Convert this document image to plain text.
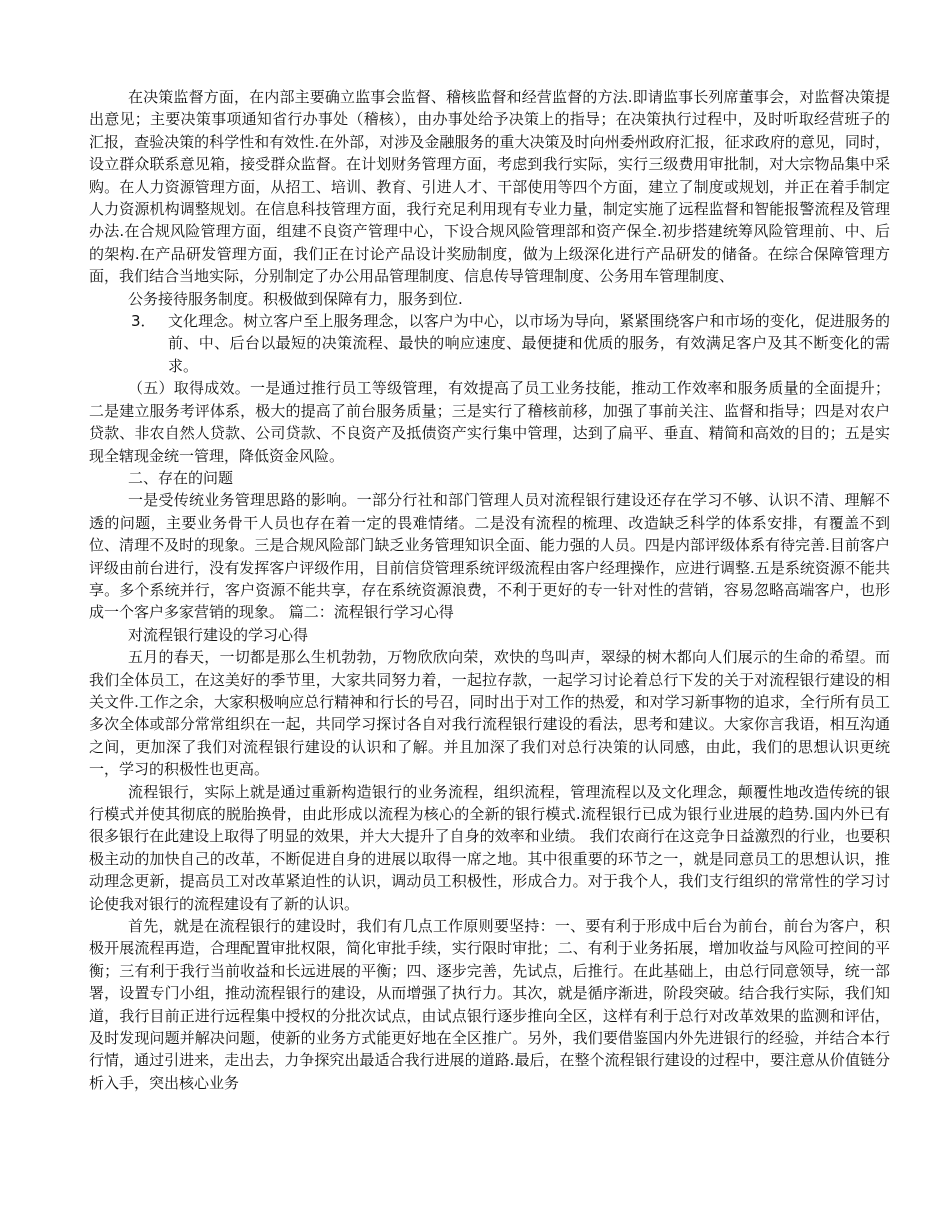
在决策监督方面，在内部主要确立监事会监督、稽核监督和经营监督的方法.即请监事长列席董事会，对监督决策提出意见；主要决策事项通知省行办事处（稽核），由办事处给予决策上的指导；在决策执行过程中，及时听取经营班子的汇报，查验决策的科学性和有效性.在外部，对涉及金融服务的重大决策及时向州委州政府汇报，征求政府的意见，同时，设立群众联系意见箱，接受群众监督。在计划财务管理方面，考虑到我行实际，实行三级费用审批制，对大宗物品集中采购。在人力资源管理方面，从招工、培训、教育、引进人才、干部使用等四个方面，建立了制度或规划，并正在着手制定人力资源机构调整规划。在信息科技管理方面，我行充足利用现有专业力量，制定实施了远程监督和智能报警流程及管理办法.在合规风险管理方面，组建不良资产管理中心，下设合规风险管理部和资产保全.初步搭建统筹风险管理前、中、后的架构.在产品研发管理方面，我们正在讨论产品设计奖励制度，做为上级深化进行产品研发的储备。在综合保障管理方面，我们结合当地实际，分别制定了办公用品管理制度、信息传导管理制度、公务用车管理制度、

公务接待服务制度。积极做到保障有力，服务到位.

3． 文化理念。树立客户至上服务理念，以客户为中心，以市场为导向，紧紧围绕客户和市场的变化，促进服务的前、中、后台以最短的决策流程、最快的响应速度、最便捷和优质的服务，有效满足客户及其不断变化的需求。

（五）取得成效。一是通过推行员工等级管理，有效提高了员工业务技能，推动工作效率和服务质量的全面提升；二是建立服务考评体系，极大的提高了前台服务质量；三是实行了稽核前移，加强了事前关注、监督和指导；四是对农户贷款、非农自然人贷款、公司贷款、不良资产及抵债资产实行集中管理，达到了扁平、垂直、精简和高效的目的；五是实现全辖现金统一管理，降低资金风险。

二、存在的问题

一是受传统业务管理思路的影响。一部分行社和部门管理人员对流程银行建设还存在学习不够、认识不清、理解不透的问题，主要业务骨干人员也存在着一定的畏难情绪。二是没有流程的梳理、改造缺乏科学的体系安排，有覆盖不到位、清理不及时的现象。三是合规风险部门缺乏业务管理知识全面、能力强的人员。四是内部评级体系有待完善.目前客户评级由前台进行，没有发挥客户评级作用，目前信贷管理系统评级流程由客户经理操作，应进行调整.五是系统资源不能共享。多个系统并行，客户资源不能共享，存在系统资源浪费，不利于更好的专一针对性的营销，容易忽略高端客户，也形成一个客户多家营销的现象。 篇二：流程银行学习心得

对流程银行建设的学习心得

五月的春天，一切都是那么生机勃勃，万物欣欣向荣，欢快的鸟叫声，翠绿的树木都向人们展示的生命的希望。而我们全体员工，在这美好的季节里，大家共同努力着，一起拉存款，一起学习讨论着总行下发的关于对流程银行建设的相关文件.工作之余，大家积极响应总行精神和行长的号召，同时出于对工作的热爱，和对学习新事物的追求，全行所有员工多次全体或部分常常组织在一起，共同学习探讨各自对我行流程银行建设的看法，思考和建议。大家你言我语，相互沟通之间，更加深了我们对流程银行建设的认识和了解。并且加深了我们对总行决策的认同感，由此，我们的思想认识更统一，学习的积极性也更高。

流程银行，实际上就是通过重新构造银行的业务流程，组织流程，管理流程以及文化理念，颠覆性地改造传统的银行模式并使其彻底的脱胎换骨，由此形成以流程为核心的全新的银行模式.流程银行已成为银行业进展的趋势.国内外已有很多银行在此建设上取得了明显的效果，并大大提升了自身的效率和业绩。 我们农商行在这竞争日益激烈的行业，也要积极主动的加快自己的改革，不断促进自身的进展以取得一席之地。其中很重要的环节之一，就是同意员工的思想认识，推动理念更新，提高员工对改革紧迫性的认识，调动员工积极性，形成合力。对于我个人，我们支行组织的常常性的学习讨论使我对银行的流程建设有了新的认识。

首先，就是在流程银行的建设时，我们有几点工作原则要坚持：一、要有利于形成中后台为前台，前台为客户，积极开展流程再造，合理配置审批权限，简化审批手续，实行限时审批；二、有利于业务拓展，增加收益与风险可控间的平衡；三有利于我行当前收益和长远进展的平衡；四、逐步完善，先试点，后推行。在此基础上，由总行同意领导，统一部署，设置专门小组，推动流程银行的建设，从而增强了执行力。其次，就是循序渐进，阶段突破。结合我行实际，我们知道，我行目前正进行远程集中授权的分批次试点，由试点银行逐步推向全区，这样有利于总行对改革效果的监测和评估，及时发现问题并解决问题，使新的业务方式能更好地在全区推广。另外，我们要借鉴国内外先进银行的经验，并结合本行行情，通过引进来，走出去，力争探究出最适合我行进展的道路.最后，在整个流程银行建设的过程中，要注意从价值链分析入手，突出核心业务
